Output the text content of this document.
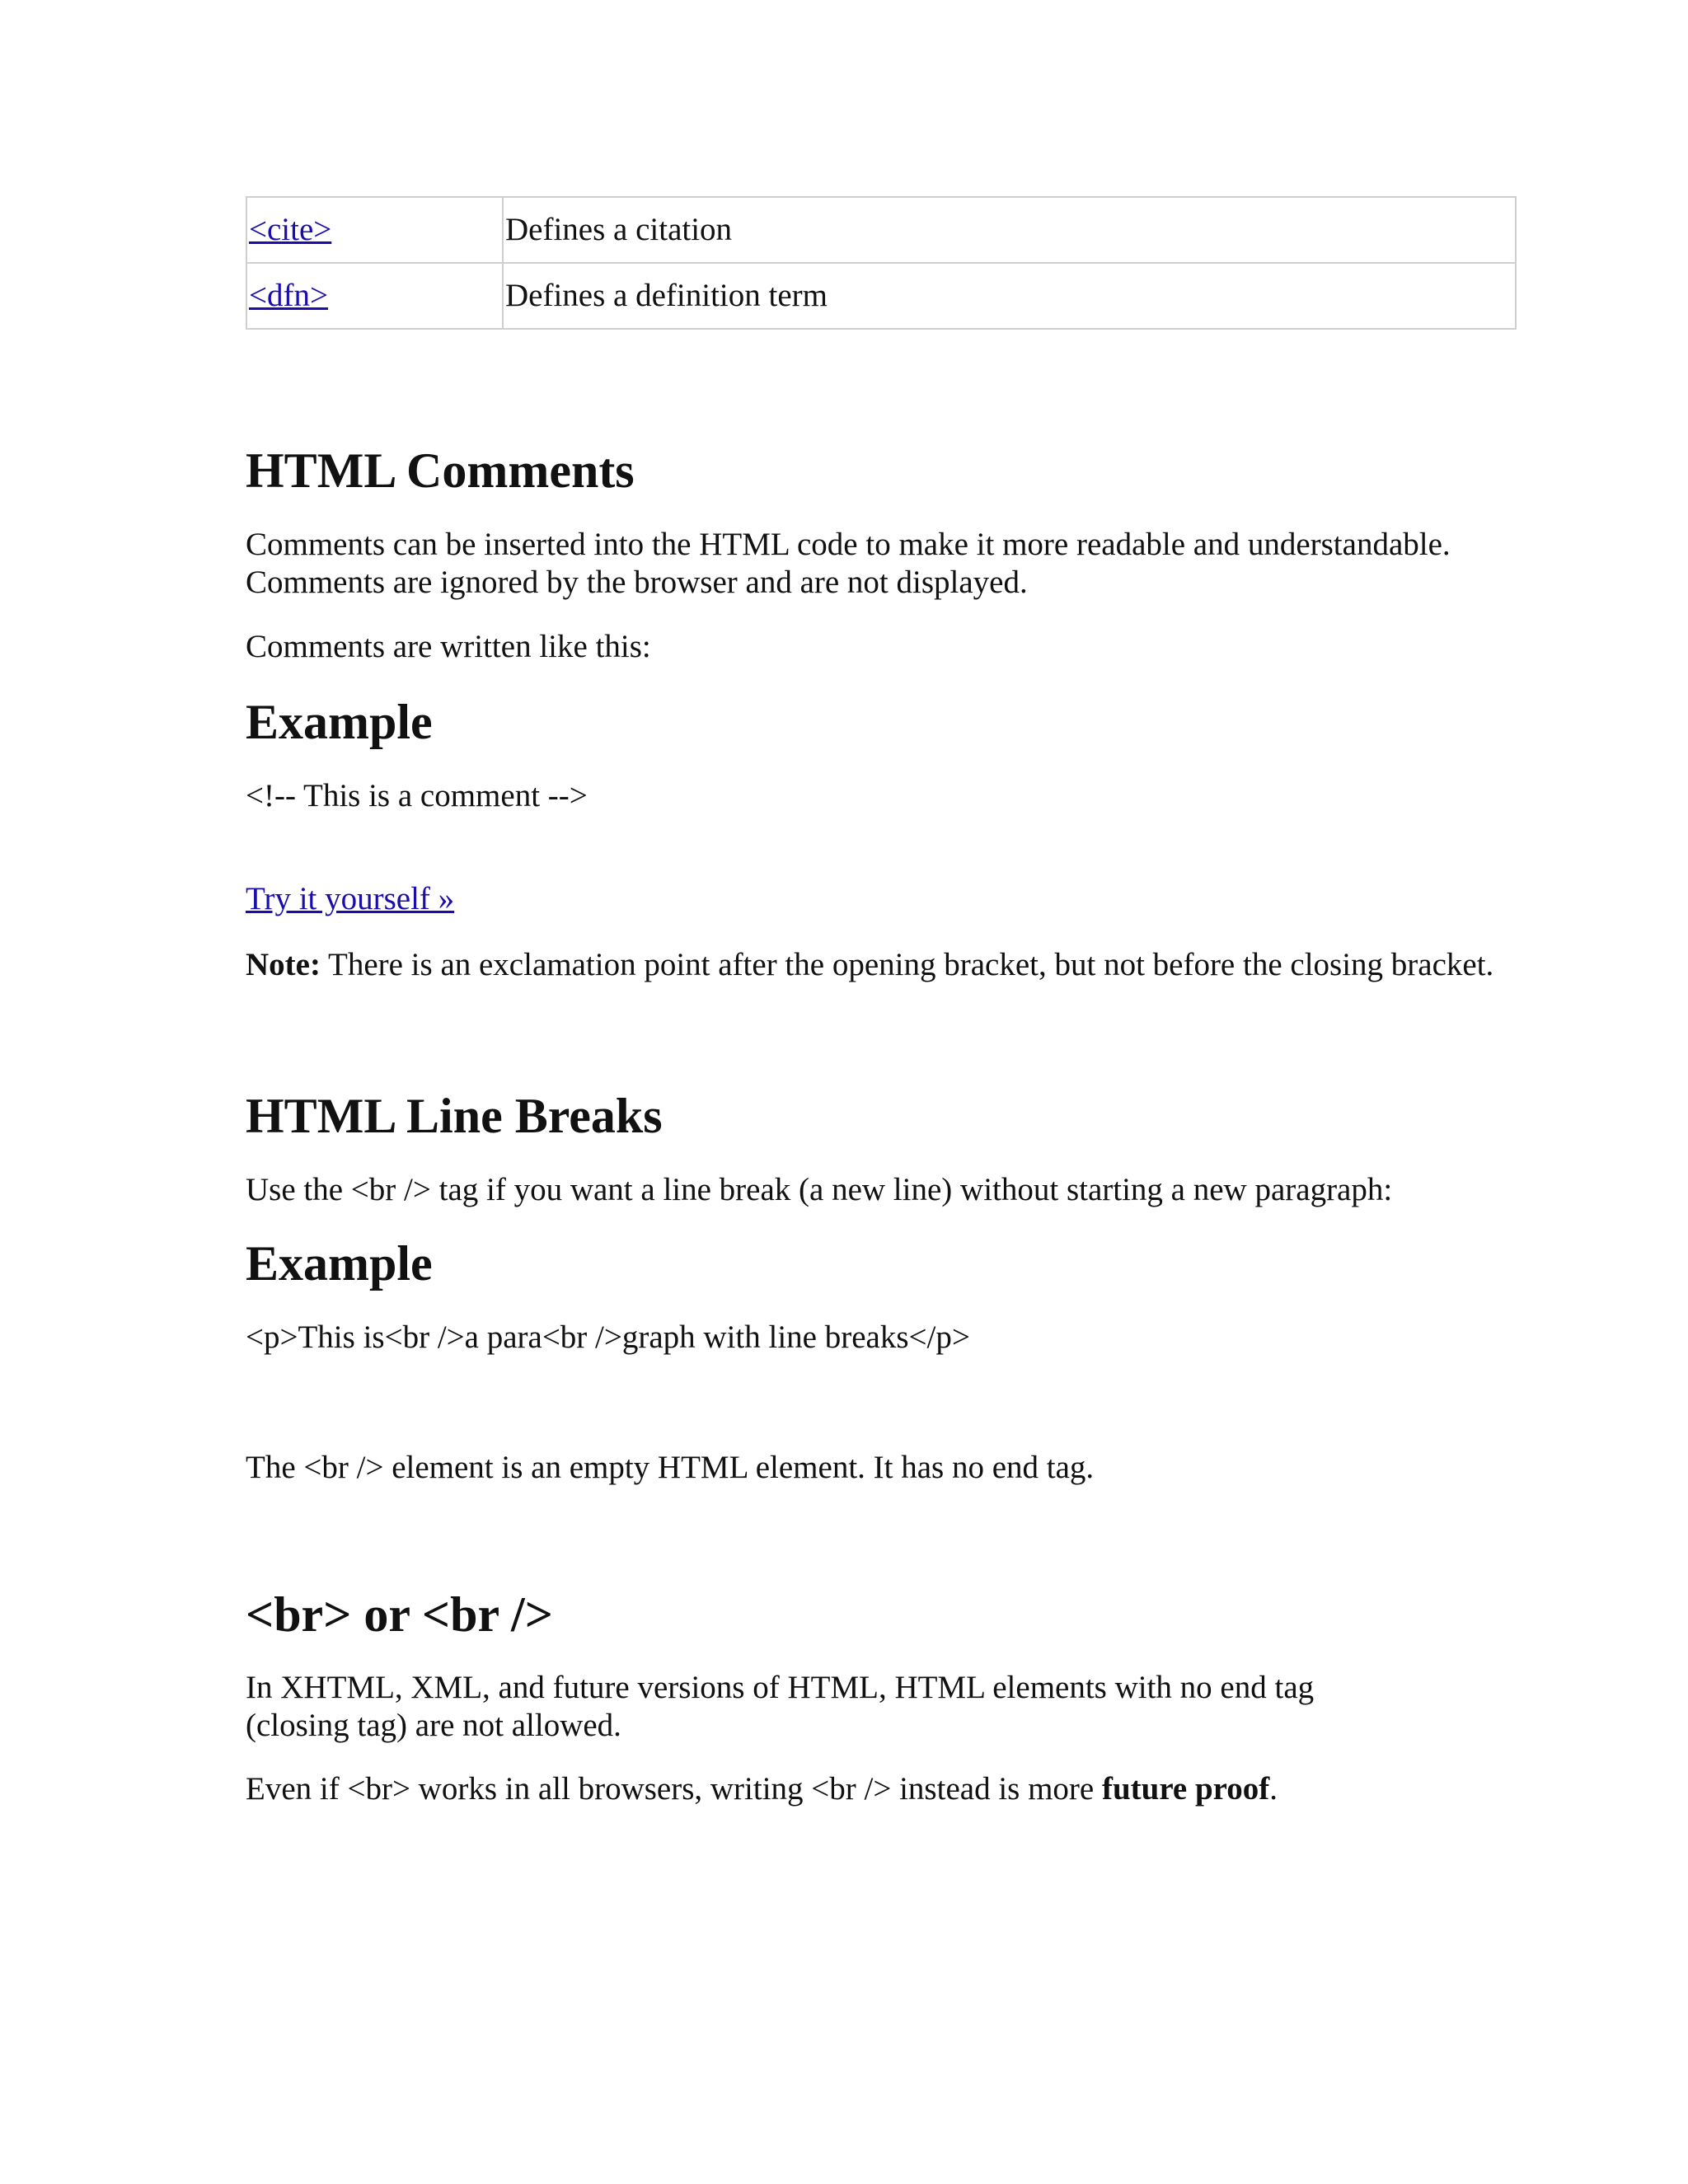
<cite>	Defines a citation
<dfn>	Defines a definition term
HTML Comments

Comments can be inserted into the HTML code to make it more readable and understandable. Comments are ignored by the browser and are not displayed.

Comments are written like this:

Example

<!-- This is a comment -->

Try it yourself »

Note: There is an exclamation point after the opening bracket, but not before the closing bracket.

HTML Line Breaks

Use the <br /> tag if you want a line break (a new line) without starting a new paragraph:

Example

<p>This is<br />a para<br />graph with line breaks</p>

The <br /> element is an empty HTML element. It has no end tag.

<br> or <br />

In XHTML, XML, and future versions of HTML, HTML elements with no end tag (closing tag) are not allowed.

Even if <br> works in all browsers, writing <br /> instead is more future proof.
